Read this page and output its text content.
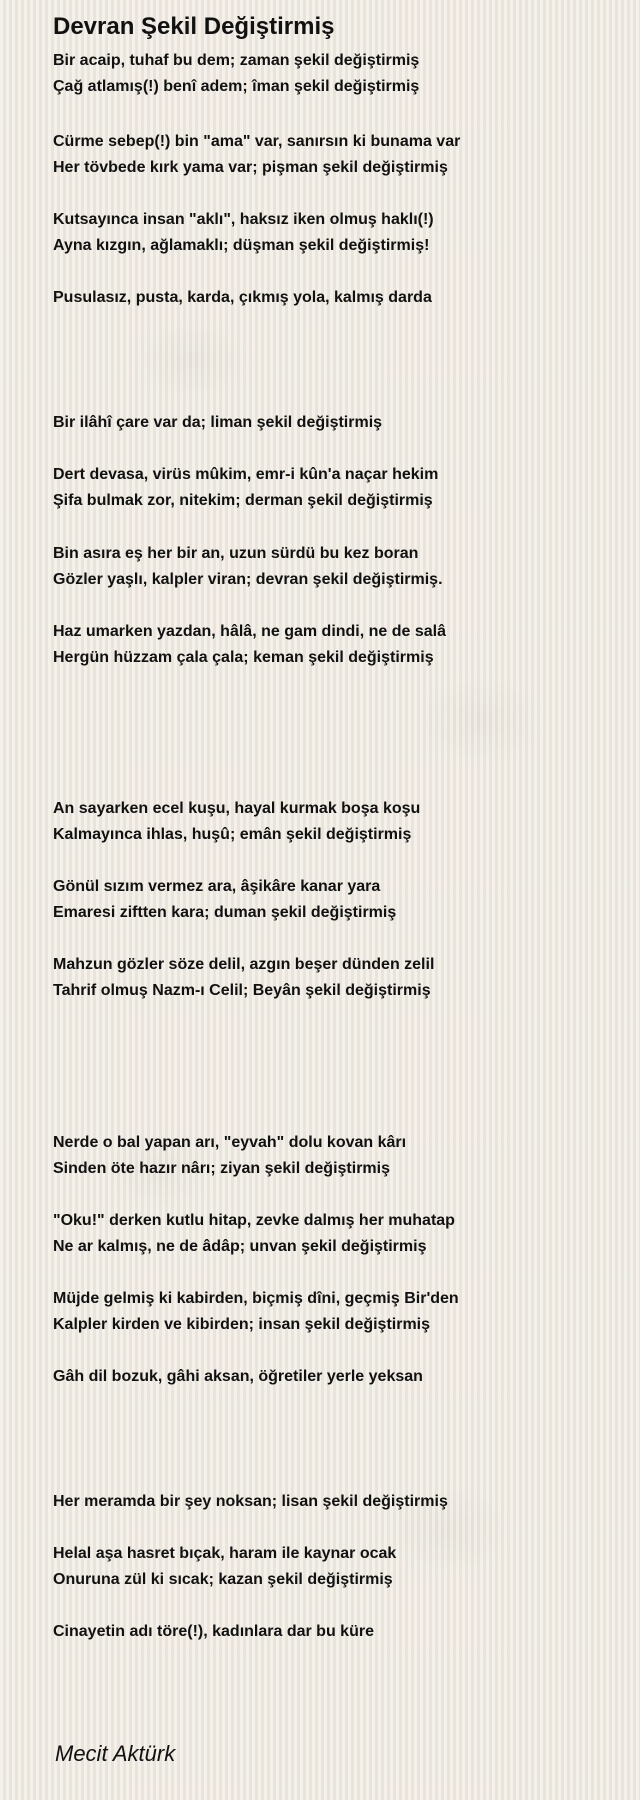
Devran Şekil Değiştirmiş
Bir acaip, tuhaf bu dem; zaman şekil değiştirmiş
Çağ atlamış(!) benî adem; îman şekil değiştirmiş
Cürme sebep(!) bin "ama" var, sanırsın ki bunama var
Her tövbede kırk yama var; pişman şekil değiştirmiş
Kutsayınca insan "aklı", haksız iken olmuş haklı(!)
Ayna kızgın, ağlamaklı; düşman şekil değiştirmiş!
Pusulasız, pusta, karda, çıkmış yola, kalmış darda
Bir ilâhî çare var da; liman şekil değiştirmiş
Dert devasa, virüs mûkim, emr-i kûn'a naçar hekim
Şifa bulmak zor, nitekim; derman şekil değiştirmiş
Bin asıra eş her bir an, uzun sürdü bu kez boran
Gözler yaşlı, kalpler viran; devran şekil değiştirmiş.
Haz umarken yazdan, hâlâ, ne gam dindi, ne de salâ
Hergün hüzzam çala çala; keman şekil değiştirmiş
An sayarken ecel kuşu, hayal kurmak boşa koşu
Kalmayınca ihlas, huşû; emân şekil değiştirmiş
Gönül sızım vermez ara, âşikâre kanar yara
Emaresi ziftten kara; duman şekil değiştirmiş
Mahzun gözler söze delil, azgın beşer dünden zelil
Tahrif olmuş Nazm-ı Celil; Beyân şekil değiştirmiş
Nerde o bal yapan arı, "eyvah" dolu kovan kârı
Sinden öte hazır nârı; ziyan şekil değiştirmiş
"Oku!" derken kutlu hitap, zevke dalmış her muhatap
Ne ar kalmış, ne de âdâp; unvan şekil değiştirmiş
Müjde gelmiş ki kabirden, biçmiş dîni, geçmiş Bir'den
Kalpler kirden ve kibirden; insan şekil değiştirmiş
Gâh dil bozuk, gâhi aksan, öğretiler yerle yeksan
Her meramda bir şey noksan; lisan şekil değiştirmiş
Helal aşa hasret bıçak, haram ile kaynar ocak
Onuruna zül ki sıcak; kazan şekil değiştirmiş
Cinayetin adı töre(!), kadınlara dar bu küre
Mecit Aktürk
